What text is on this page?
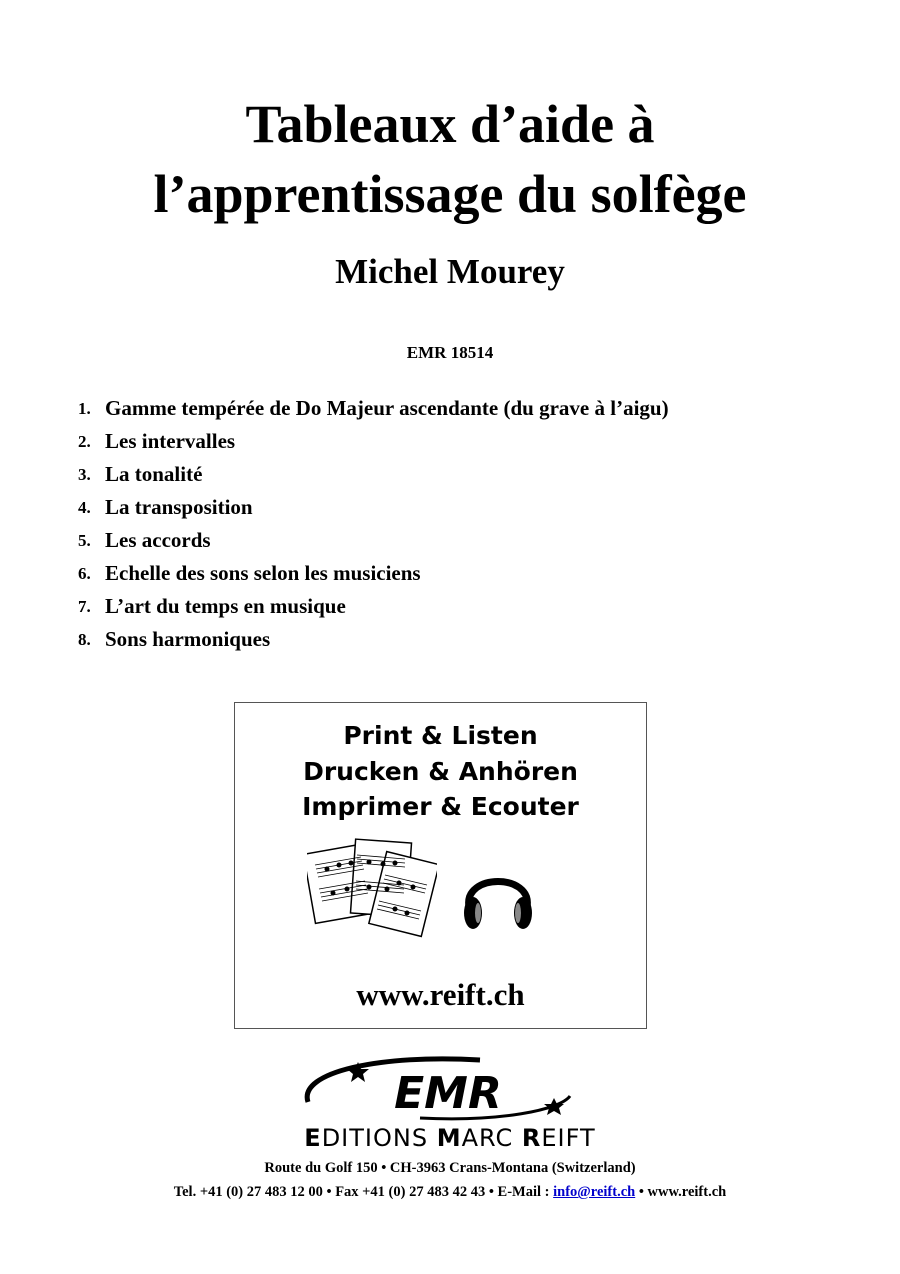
Tableaux d’aide à
l’apprentissage du solfège
Michel Mourey
EMR 18514
1. Gamme tempérée de Do Majeur ascendante (du grave à l’aigu)
2. Les intervalles
3. La tonalité
4. La transposition
5. Les accords
6. Echelle des sons selon les musiciens
7. L’art du temps en musique
8. Sons harmoniques
Print & Listen
Drucken & Anhören
Imprimer & Ecouter
www.reift.ch
EMR
EDITIONS MARC REIFT
Route du Golf 150 • CH-3963 Crans-Montana (Switzerland)
Tel. +41 (0) 27 483 12 00 • Fax +41 (0) 27 483 42 43 • E-Mail : info@reift.ch • www.reift.ch
